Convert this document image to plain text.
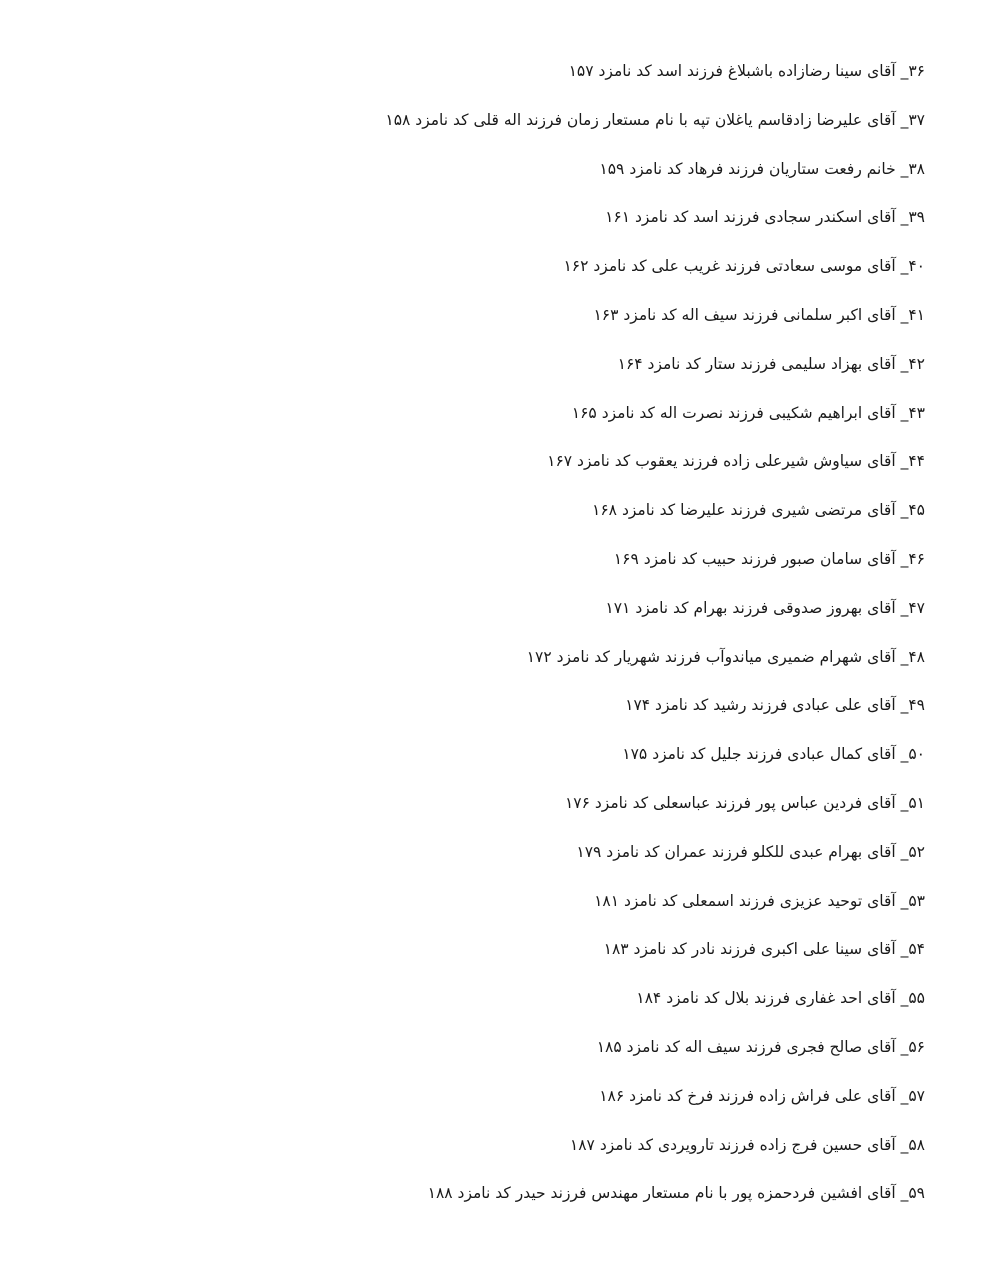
۳۶_ آقای سینا رضازاده باشبلاغ فرزند اسد کد نامزد ۱۵۷
۳۷_ آقای علیرضا زادقاسم یاغلان تپه با نام مستعار زمان فرزند اله قلی کد نامزد ۱۵۸
۳۸_ خانم رفعت ستاریان فرزند فرهاد کد نامزد ۱۵۹
۳۹_ آقای اسکندر سجادی فرزند اسد کد نامزد ۱۶۱
۴۰_ آقای موسی سعادتی فرزند غریب علی کد نامزد ۱۶۲
۴۱_ آقای اکبر سلمانی فرزند سیف اله کد نامزد ۱۶۳
۴۲_ آقای بهزاد سلیمی فرزند ستار کد نامزد ۱۶۴
۴۳_ آقای ابراهیم شکیبی فرزند نصرت اله کد نامزد ۱۶۵
۴۴_ آقای سیاوش شیرعلی زاده فرزند یعقوب کد نامزد ۱۶۷
۴۵_ آقای مرتضی شیری فرزند علیرضا کد نامزد ۱۶۸
۴۶_ آقای سامان صبور فرزند حبیب کد نامزد ۱۶۹
۴۷_ آقای بهروز صدوقی فرزند بهرام کد نامزد ۱۷۱
۴۸_ آقای شهرام ضمیری میاندوآب فرزند شهریار کد نامزد ۱۷۲
۴۹_ آقای علی عبادی فرزند رشید کد نامزد ۱۷۴
۵۰_ آقای کمال عبادی فرزند جلیل کد نامزد ۱۷۵
۵۱_ آقای فردین عباس پور فرزند عباسعلی کد نامزد ۱۷۶
۵۲_ آقای بهرام عبدی للکلو فرزند عمران کد نامزد ۱۷۹
۵۳_ آقای توحید عزیزی فرزند اسمعلی کد نامزد ۱۸۱
۵۴_ آقای سینا علی اکبری فرزند نادر کد نامزد ۱۸۳
۵۵_ آقای احد غفاری فرزند بلال کد نامزد ۱۸۴
۵۶_ آقای صالح فجری فرزند سیف اله کد نامزد ۱۸۵
۵۷_ آقای علی فراش زاده فرزند فرخ کد نامزد ۱۸۶
۵۸_ آقای حسین فرج زاده فرزند تارویردی کد نامزد ۱۸۷
۵۹_ آقای افشین فردحمزه پور با نام مستعار مهندس فرزند حیدر کد نامزد ۱۸۸
